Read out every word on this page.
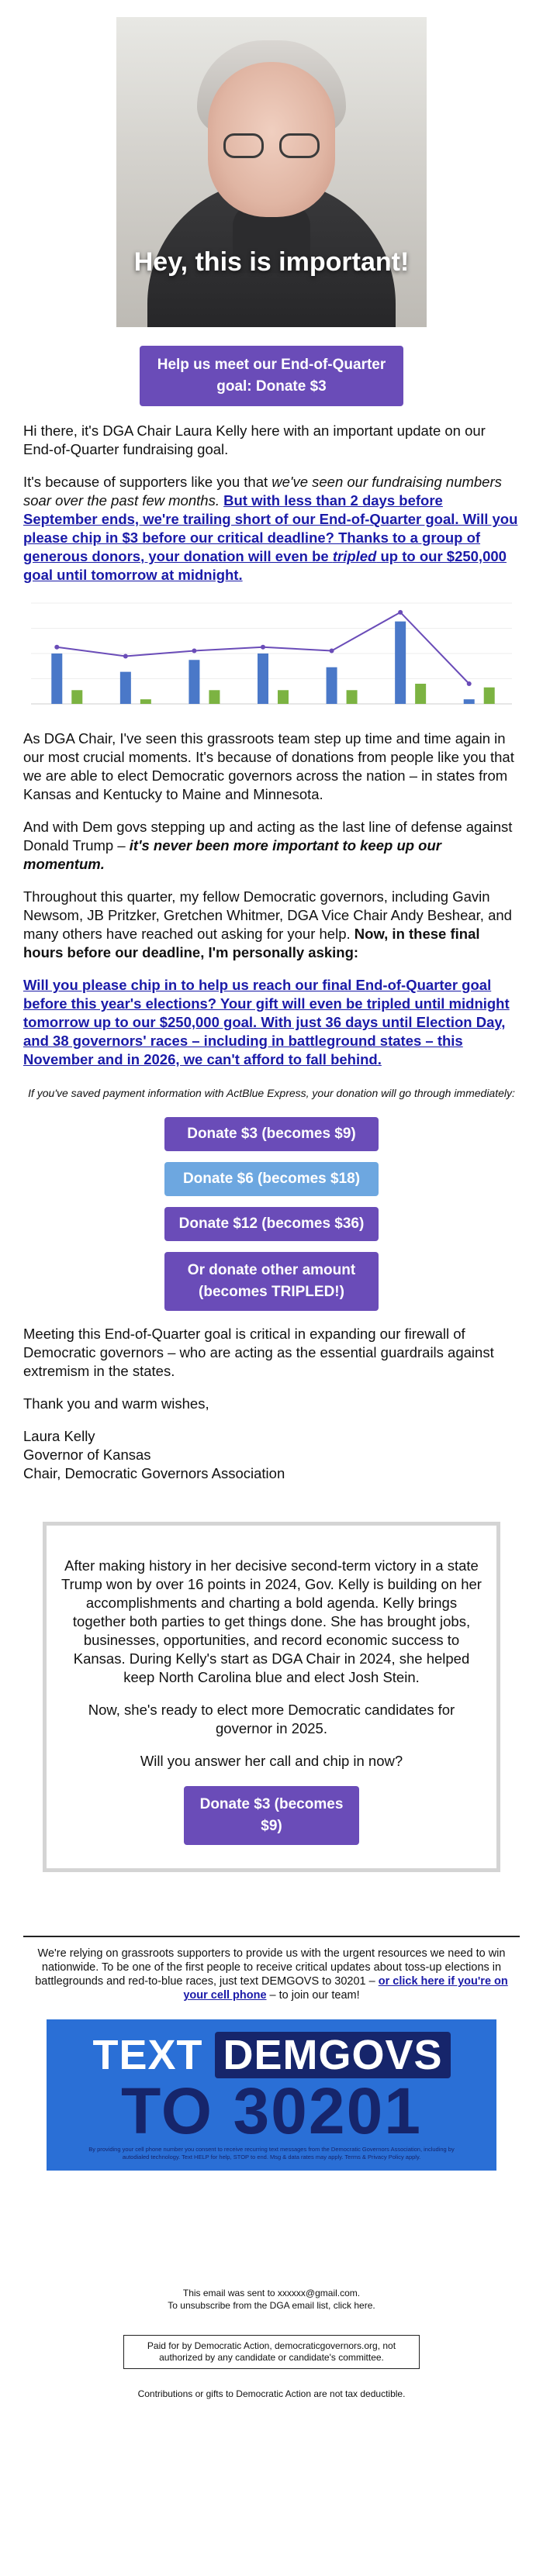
Hey, this is important!
Help us meet our End-of-Quarter goal: Donate $3

Hi there, it's DGA Chair Laura Kelly here with an important update on our End-of-Quarter fundraising goal.

It's because of supporters like you that we've seen our fundraising numbers soar over the past few months. But with less than 2 days before September ends, we're trailing short of our End-of-Quarter goal. Will you please chip in $3 before our critical deadline? Thanks to a group of generous donors, your donation will even be tripled up to our $250,000 goal until tomorrow at midnight.

As DGA Chair, I've seen this grassroots team step up time and time again in our most crucial moments. It's because of donations from people like you that we are able to elect Democratic governors across the nation – in states from Kansas and Kentucky to Maine and Minnesota.

And with Dem govs stepping up and acting as the last line of defense against Donald Trump – it's never been more important to keep up our momentum.

Throughout this quarter, my fellow Democratic governors, including Gavin Newsom, JB Pritzker, Gretchen Whitmer, DGA Vice Chair Andy Beshear, and many others have reached out asking for your help. Now, in these final hours before our deadline, I'm personally asking:

Will you please chip in to help us reach our final End-of-Quarter goal before this year's elections? Your gift will even be tripled until midnight tomorrow up to our $250,000 goal. With just 36 days until Election Day, and 38 governors' races – including in battleground states – this November and in 2026, we can't afford to fall behind.

If you've saved payment information with ActBlue Express, your donation will go through immediately:
Donate $3 (becomes $9)
Donate $6 (becomes $18)
Donate $12 (becomes $36)
Or donate other amount (becomes TRIPLED!)

Meeting this End-of-Quarter goal is critical in expanding our firewall of Democratic governors – who are acting as the essential guardrails against extremism in the states.

Thank you and warm wishes,

Laura Kelly
Governor of Kansas
Chair, Democratic Governors Association

After making history in her decisive second-term victory in a state Trump won by over 16 points in 2024, Gov. Kelly is building on her accomplishments and charting a bold agenda. Kelly brings together both parties to get things done. She has brought jobs, businesses, opportunities, and record economic success to Kansas. During Kelly's start as DGA Chair in 2024, she helped keep North Carolina blue and elect Josh Stein.

Now, she's ready to elect more Democratic candidates for governor in 2025.

Will you answer her call and chip in now?

Donate $3 (becomes $9)
We're relying on grassroots supporters to provide us with the urgent resources we need to win nationwide. To be one of the first people to receive critical updates about toss-up elections in battlegrounds and red-to-blue races, just text DEMGOVS to 30201 – or click here if you're on your cell phone – to join our team!
TEXT DEMGOVS
TO 30201
By providing your cell phone number you consent to receive recurring text messages from the Democratic Governors Association, including by autodialed technology. Text HELP for help, STOP to end. Msg & data rates may apply. Terms & Privacy Policy apply.
This email was sent to xxxxxx@gmail.com.
To unsubscribe from the DGA email list, click here.
Paid for by Democratic Action, democraticgovernors.org, not authorized by any candidate or candidate's committee.
Contributions or gifts to Democratic Action are not tax deductible.
